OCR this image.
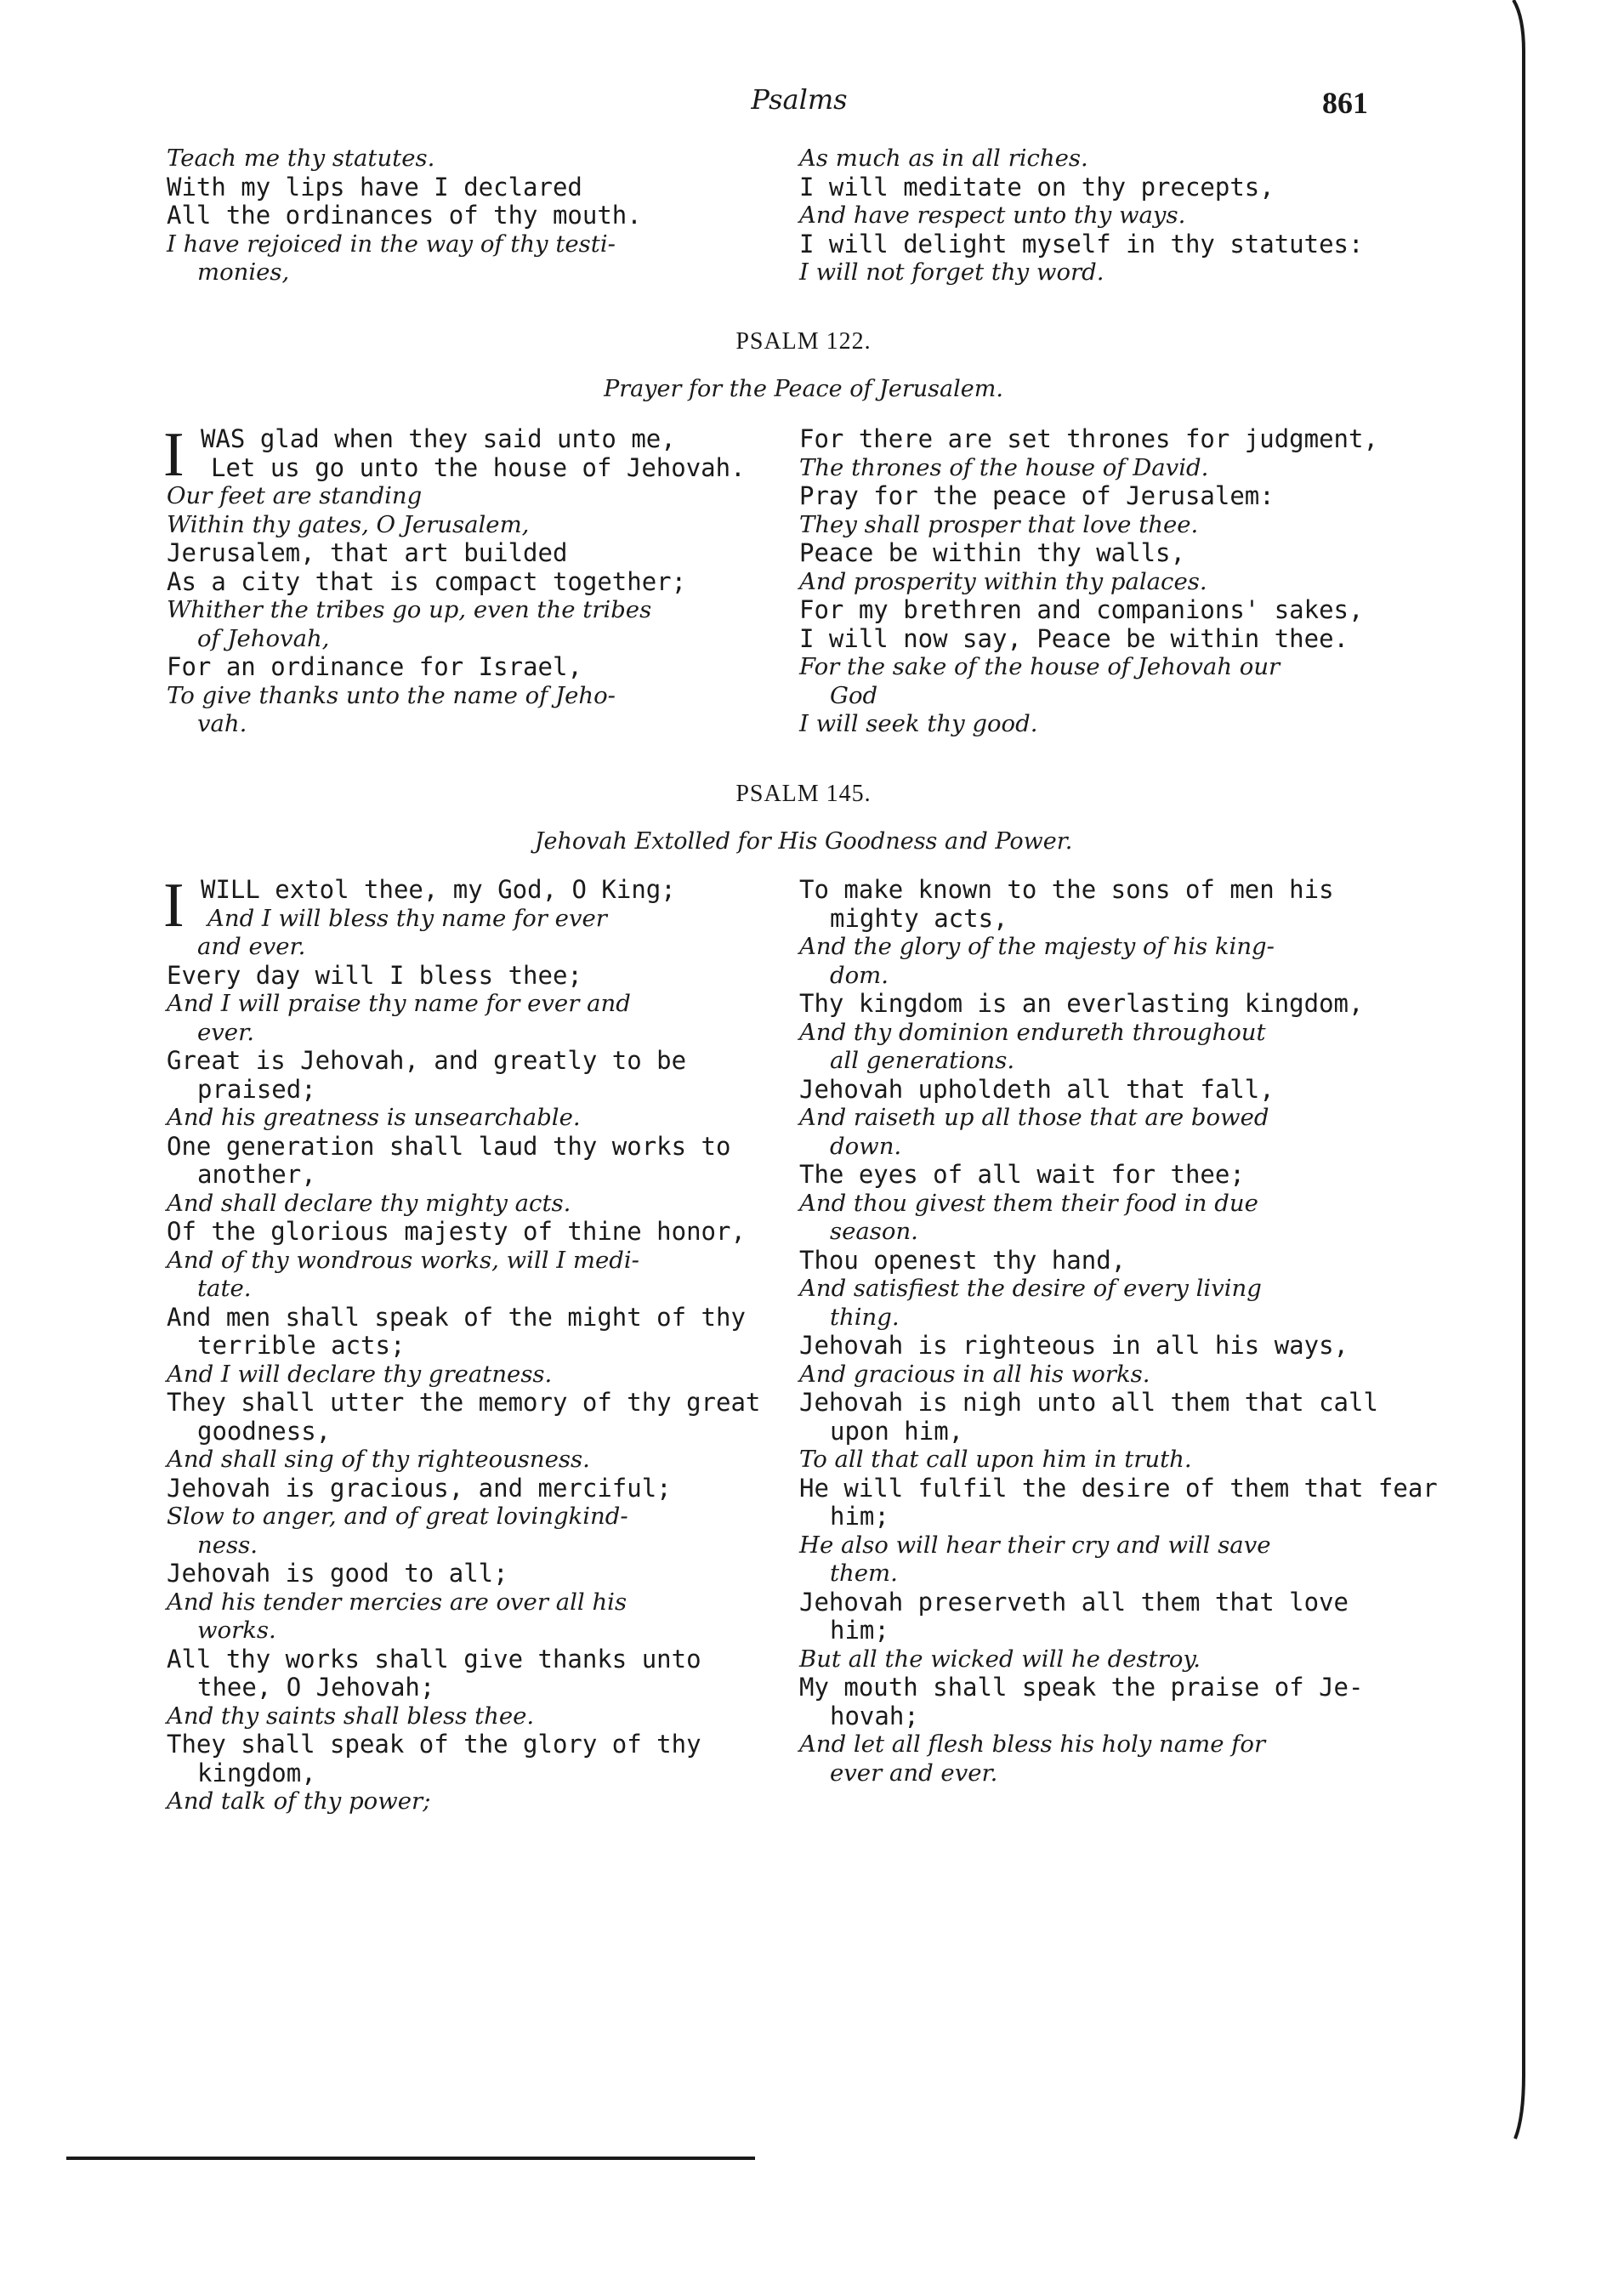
Psalms	861
Teach me thy statutes.
With my lips have I declared
All the ordinances of thy mouth.
I have rejoiced in the way of thy testi-
monies,
As much as in all riches.
I will meditate on thy precepts,
And have respect unto thy ways.
I will delight myself in thy statutes:
I will not forget thy word.
PSALM 122.
Prayer for the Peace of Jerusalem.
I WAS glad when they said unto me,
Let us go unto the house of Jehovah.
Our feet are standing
Within thy gates, O Jerusalem,
Jerusalem, that art builded
As a city that is compact together;
Whither the tribes go up, even the tribes
of Jehovah,
For an ordinance for Israel,
To give thanks unto the name of Jeho-
vah.
For there are set thrones for judgment,
The thrones of the house of David.
Pray for the peace of Jerusalem:
They shall prosper that love thee.
Peace be within thy walls,
And prosperity within thy palaces.
For my brethren and companions' sakes,
I will now say, Peace be within thee.
For the sake of the house of Jehovah our
God
I will seek thy good.
PSALM 145.
Jehovah Extolled for His Goodness and Power.
I WILL extol thee, my God, O King;
And I will bless thy name for ever
and ever.
Every day will I bless thee;
And I will praise thy name for ever and
ever.
Great is Jehovah, and greatly to be
praised;
And his greatness is unsearchable.
One generation shall laud thy works to
another,
And shall declare thy mighty acts.
Of the glorious majesty of thine honor,
And of thy wondrous works, will I medi-
tate.
And men shall speak of the might of thy
terrible acts;
And I will declare thy greatness.
They shall utter the memory of thy great
goodness,
And shall sing of thy righteousness.
Jehovah is gracious, and merciful;
Slow to anger, and of great lovingkind-
ness.
Jehovah is good to all;
And his tender mercies are over all his
works.
All thy works shall give thanks unto
thee, O Jehovah;
And thy saints shall bless thee.
They shall speak of the glory of thy
kingdom,
And talk of thy power;
To make known to the sons of men his
mighty acts,
And the glory of the majesty of his king-
dom.
Thy kingdom is an everlasting kingdom,
And thy dominion endureth throughout
all generations.
Jehovah upholdeth all that fall,
And raiseth up all those that are bowed
down.
The eyes of all wait for thee;
And thou givest them their food in due
season.
Thou openest thy hand,
And satisfiest the desire of every living
thing.
Jehovah is righteous in all his ways,
And gracious in all his works.
Jehovah is nigh unto all them that call
upon him,
To all that call upon him in truth.
He will fulfil the desire of them that fear
him;
He also will hear their cry and will save
them.
Jehovah preserveth all them that love
him;
But all the wicked will he destroy.
My mouth shall speak the praise of Je-
hovah;
And let all flesh bless his holy name for
ever and ever.
